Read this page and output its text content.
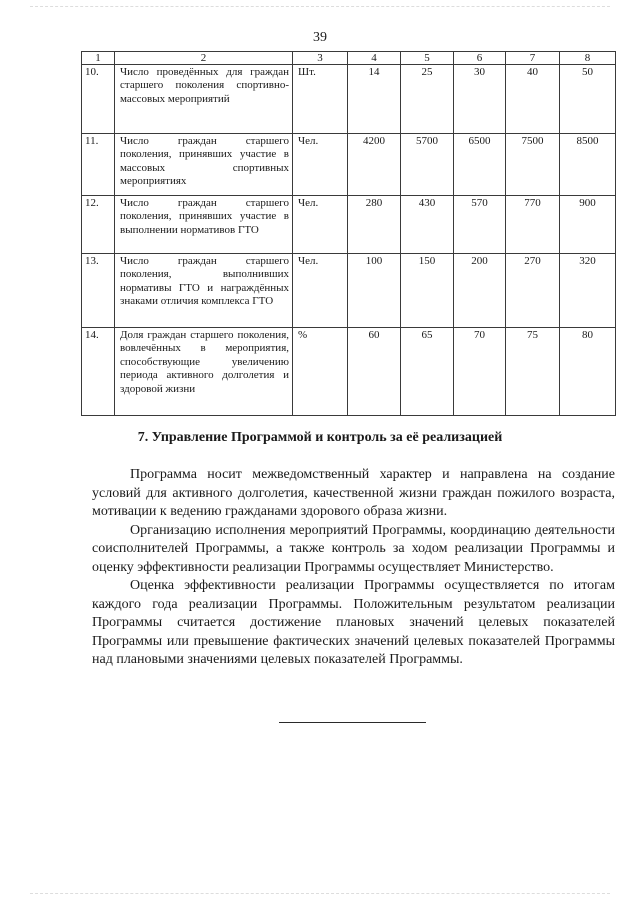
39
1	2	3	4	5	6	7	8
10.	Число проведённых для граждан старшего поколения спортивно-массовых мероприятий	Шт.	14	25	30	40	50
11.	Число граждан старшего поколения, принявших участие в массовых спортивных мероприятиях	Чел.	4200	5700	6500	7500	8500
12.	Число граждан старшего поколения, принявших участие в выполнении нормативов ГТО	Чел.	280	430	570	770	900
13.	Число граждан старшего поколения, выполнивших нормативы ГТО и награждённых знаками отличия комплекса ГТО	Чел.	100	150	200	270	320
14.	Доля граждан старшего поколения, вовлечённых в мероприятия, способствующие увеличению периода активного долголетия и здоровой жизни	%	60	65	70	75	80
7. Управление Программой и контроль за её реализацией

Программа носит межведомственный характер и направлена на создание условий для активного долголетия, качественной жизни граждан пожилого возраста, мотивации к ведению гражданами здорового образа жизни.

Организацию исполнения мероприятий Программы, координацию деятельности соисполнителей Программы, а также контроль за ходом реализации Программы и оценку эффективности реализации Программы осуществляет Министерство.

Оценка эффективности реализации Программы осуществляется по итогам каждого года реализации Программы. Положительным результатом реализации Программы считается достижение плановых значений целевых показателей Программы или превышение фактических значений целевых показателей Программы над плановыми значениями целевых показателей Программы.
